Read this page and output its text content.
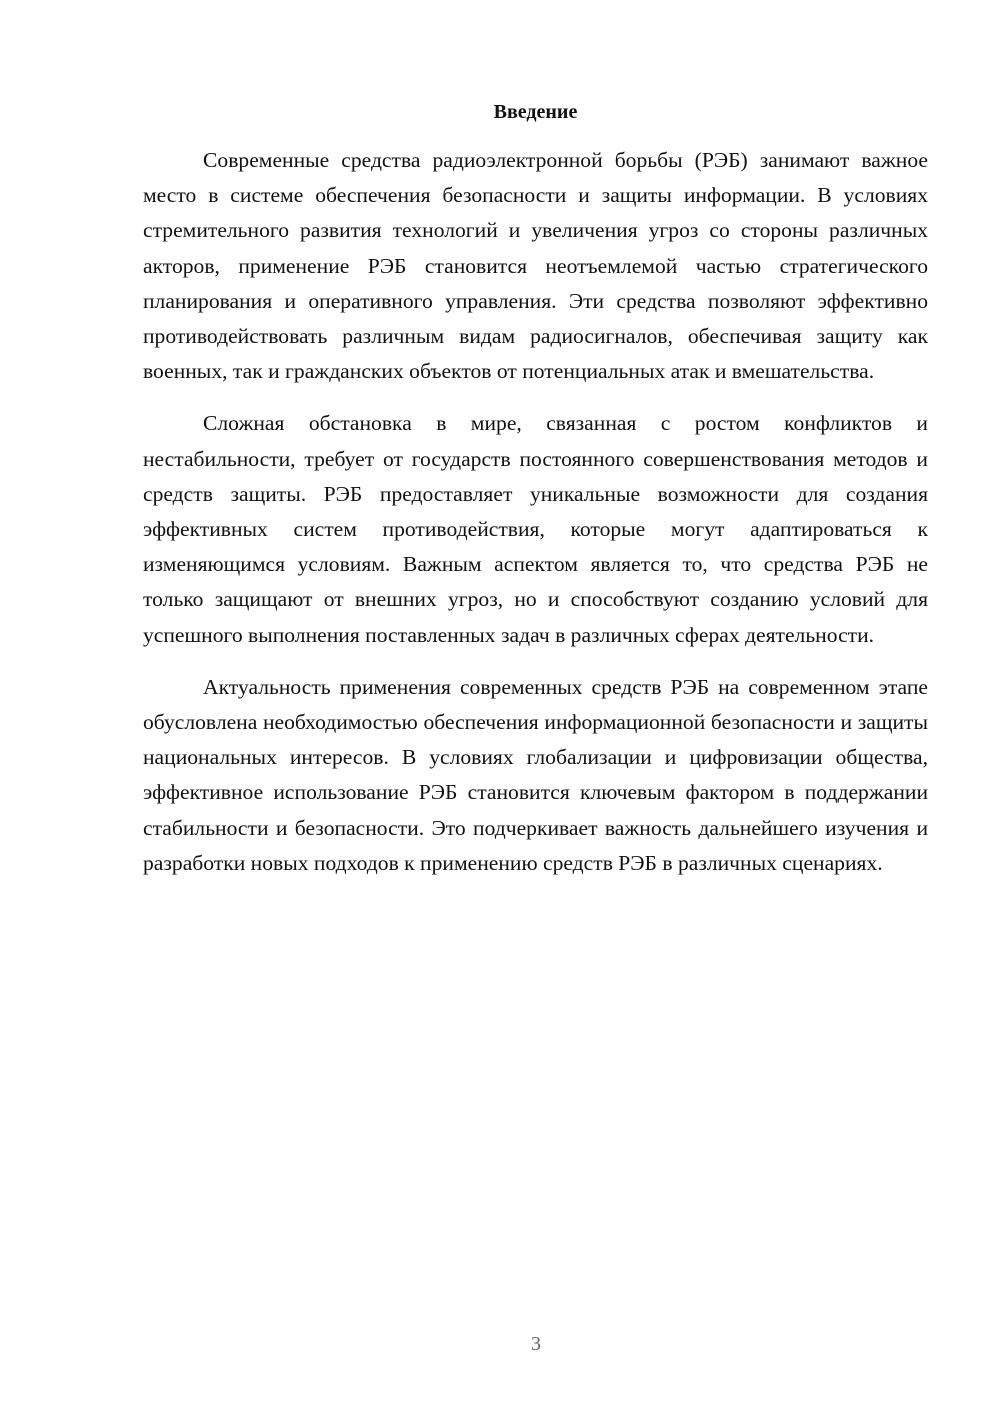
Введение

Современные средства радиоэлектронной борьбы (РЭБ) занимают важное место в системе обеспечения безопасности и защиты информации. В условиях стремительного развития технологий и увеличения угроз со стороны различных акторов, применение РЭБ становится неотъемлемой частью стратегического планирования и оперативного управления. Эти средства позволяют эффективно противодействовать различным видам радиосигналов, обеспечивая защиту как военных, так и гражданских объектов от потенциальных атак и вмешательства.

Сложная обстановка в мире, связанная с ростом конфликтов и нестабильности, требует от государств постоянного совершенствования методов и средств защиты. РЭБ предоставляет уникальные возможности для создания эффективных систем противодействия, которые могут адаптироваться к изменяющимся условиям. Важным аспектом является то, что средства РЭБ не только защищают от внешних угроз, но и способствуют созданию условий для успешного выполнения поставленных задач в различных сферах деятельности.

Актуальность применения современных средств РЭБ на современном этапе обусловлена необходимостью обеспечения информационной безопасности и защиты национальных интересов. В условиях глобализации и цифровизации общества, эффективное использование РЭБ становится ключевым фактором в поддержании стабильности и безопасности. Это подчеркивает важность дальнейшего изучения и разработки новых подходов к применению средств РЭБ в различных сценариях.

3
